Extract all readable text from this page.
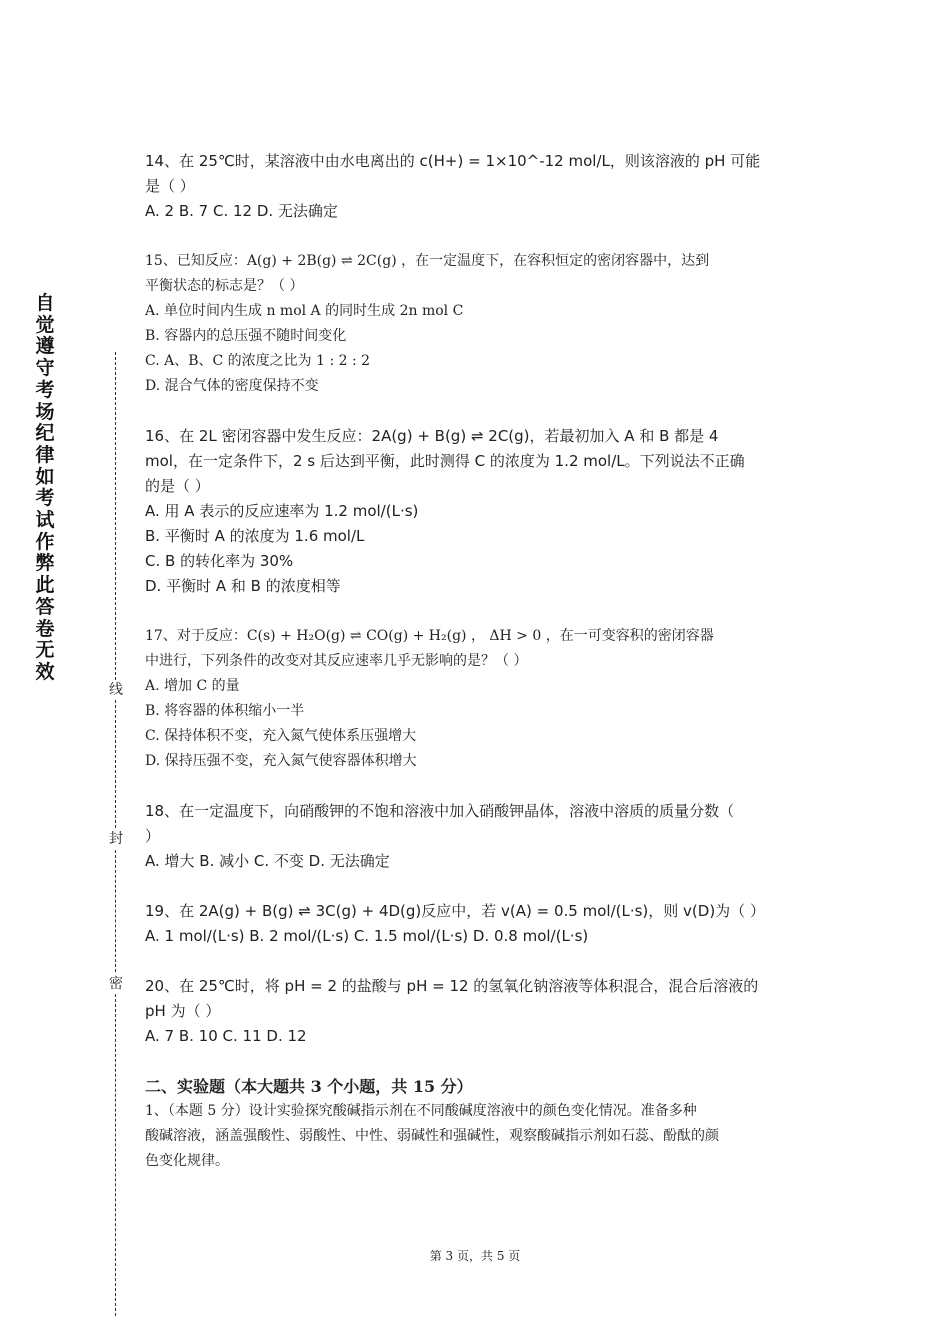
自
觉
遵
守
考
场
纪
律
如
考
试
作
弊
此
答
卷
无
效
线
封
密
14、在 25℃时，某溶液中由水电离出的 c(H+) = 1×10^-12 mol/L，则该溶液的 pH 可能
是（ ）
A. 2 B. 7 C. 12 D. 无法确定
15、已知反应：A(g) + 2B(g) ⇌ 2C(g) ，在一定温度下，在容积恒定的密闭容器中，达到
平衡状态的标志是？（ ）
A. 单位时间内生成 n mol A 的同时生成 2n mol C
B. 容器内的总压强不随时间变化
C. A、B、C 的浓度之比为 1 : 2 : 2
D. 混合气体的密度保持不变
16、在 2L 密闭容器中发生反应：2A(g) + B(g) ⇌ 2C(g)，若最初加入 A 和 B 都是 4
mol，在一定条件下，2 s 后达到平衡，此时测得 C 的浓度为 1.2 mol/L。下列说法不正确
的是（ ）
A. 用 A 表示的反应速率为 1.2 mol/(L·s)
B. 平衡时 A 的浓度为 1.6 mol/L
C. B 的转化率为 30%
D. 平衡时 A 和 B 的浓度相等
17、对于反应：C(s) + H₂O(g) ⇌ CO(g) + H₂(g) ， ΔH > 0 ，在一可变容积的密闭容器
中进行，下列条件的改变对其反应速率几乎无影响的是？（ ）
A. 增加 C 的量
B. 将容器的体积缩小一半
C. 保持体积不变，充入氮气使体系压强增大
D. 保持压强不变，充入氮气使容器体积增大
18、在一定温度下，向硝酸钾的不饱和溶液中加入硝酸钾晶体，溶液中溶质的质量分数（
）
A. 增大 B. 减小 C. 不变 D. 无法确定
19、在 2A(g) + B(g) ⇌ 3C(g) + 4D(g)反应中，若 v(A) = 0.5 mol/(L·s)，则 v(D)为（ ）
A. 1 mol/(L·s) B. 2 mol/(L·s) C. 1.5 mol/(L·s) D. 0.8 mol/(L·s)
20、在 25℃时，将 pH = 2 的盐酸与 pH = 12 的氢氧化钠溶液等体积混合，混合后溶液的
pH 为（ ）
A. 7 B. 10 C. 11 D. 12
二、实验题（本大题共 3 个小题，共 15 分）
1、（本题 5 分）设计实验探究酸碱指示剂在不同酸碱度溶液中的颜色变化情况。准备多种
酸碱溶液，涵盖强酸性、弱酸性、中性、弱碱性和强碱性，观察酸碱指示剂如石蕊、酚酞的颜
色变化规律。
第 3 页，共 5 页
